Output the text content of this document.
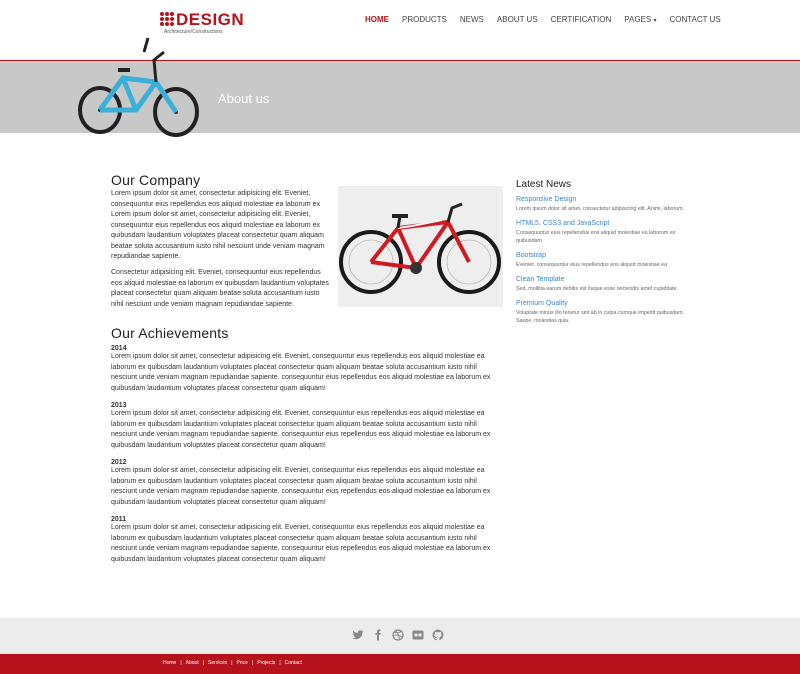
DESIGN
Architecture/Constructions
HOME PRODUCTS NEWS ABOUT US CERTIFICATION PAGES ▾ CONTACT US
About us
Our Company

Lorem ipsum dolor sit amet, consectetur adipisicing elit. Eveniet, consequuntur eius repellendus eos aliquid molestiae ea laborum ex Lorem ipsum dolor sit amet, consectetur adipisicing elit. Eveniet, consequuntur eius repellendus eos aliquid molestiae ea laborum ex quibusdam laudantium voluptates placeat consectetur quam aliquam beatae soluta accusantium iusto nihil nesciunt unde veniam magnam repudiandae sapiente.

Consectetur adipisicing elit. Eveniet, consequuntur eius repellendus eos aliquid molestiae ea laborum ex quibusdam laudantium voluptates placeat consectetur quam aliquam beatae soluta accusantium iusto nihil nesciunt unde veniam magnam repudiandae sapiente.

Our Achievements

2014

Lorem ipsum dolor sit amet, consectetur adipisicing elit. Eveniet, consequuntur eius repellendus eos aliquid molestiae ea laborum ex quibusdam laudantium voluptates placeat consectetur quam aliquam beatae soluta accusantium iusto nihil nesciunt unde veniam magnam repudiandae sapiente. consequuntur eius repellendus eos aliquid molestiae ea laborum ex quibusdam laudantium voluptates placeat consectetur quam aliquam!

2013

Lorem ipsum dolor sit amet, consectetur adipisicing elit. Eveniet, consequuntur eius repellendus eos aliquid molestiae ea laborum ex quibusdam laudantium voluptates placeat consectetur quam aliquam beatae soluta accusantium iusto nihil nesciunt unde veniam magnam repudiandae sapiente. consequuntur eius repellendus eos aliquid molestiae ea laborum ex quibusdam laudantium voluptates placeat consectetur quam aliquam!

2012

Lorem ipsum dolor sit amet, consectetur adipisicing elit. Eveniet, consequuntur eius repellendus eos aliquid molestiae ea laborum ex quibusdam laudantium voluptates placeat consectetur quam aliquam beatae soluta accusantium iusto nihil nesciunt unde veniam magnam repudiandae sapiente. consequuntur eius repellendus eos aliquid molestiae ea laborum ex quibusdam laudantium voluptates placeat consectetur quam aliquam!

2011

Lorem ipsum dolor sit amet, consectetur adipisicing elit. Eveniet, consequuntur eius repellendus eos aliquid molestiae ea laborum ex quibusdam laudantium voluptates placeat consectetur quam aliquam beatae soluta accusantium iusto nihil nesciunt unde veniam magnam repudiandae sapiente. consequuntur eius repellendus eos aliquid molestiae ea laborum ex quibusdam laudantium voluptates placeat consectetur quam aliquam!

Latest News
Responsive Design

Lorem ipsum dolor sit amet, consectetur adipisicing elit. Animi, laborum.

HTML5, CSS3 and JavaScript

Consequuntur eius repellendus eos aliquid molestiae ea laborum ex quibusdam

Bootstrap

Eveniet, consequuntur eius repellendus eos aliquid molestiae ea

Clean Template

Sed, mollitia earum debitis est itaque esse reiciendis amet cupiditate.

Premium Quality

Voluptate minus illo tenetur sint ab in culpa cumque impedit quibusdam. Saepe, molestias quia.

Home | About | Services | Price | Projects | Contact
